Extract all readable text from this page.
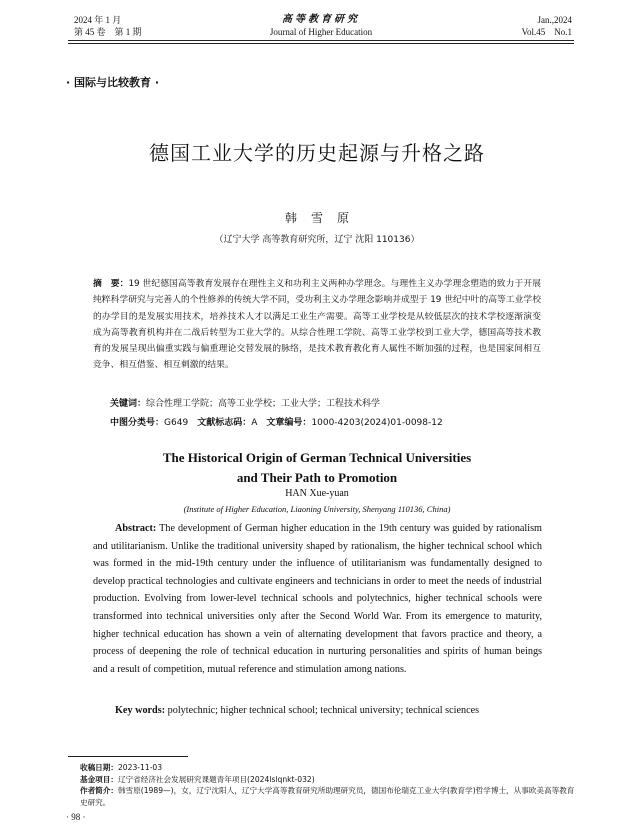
2024 年 1 月
第 45 卷　第 1 期
高等教育研究
Journal of Higher Education
Jan.,2024
Vol.45　No.1
· 国际与比较教育 ·
德国工业大学的历史起源与升格之路
韩雪原
（辽宁大学 高等教育研究所，辽宁 沈阳 110136）
摘　要：19 世纪德国高等教育发展存在理性主义和功利主义两种办学理念。与理性主义办学理念塑造的致力于开展纯粹科学研究与完善人的个性修养的传统大学不同，受功利主义办学理念影响并成型于 19 世纪中叶的高等工业学校的办学目的是发展实用技术，培养技术人才以满足工业生产需要。高等工业学校是从较低层次的技术学校逐渐演变成为高等教育机构并在二战后转型为工业大学的。从综合性理工学院、高等工业学校到工业大学，德国高等技术教育的发展呈现出偏重实践与偏重理论交替发展的脉络，是技术教育教化育人属性不断加强的过程，也是国家间相互竞争、相互借鉴、相互刺激的结果。
关键词：综合性理工学院；高等工业学校；工业大学；工程技术科学
中图分类号：G649　 文献标志码：A　 文章编号：1000-4203(2024)01-0098-12
The Historical Origin of German Technical Universities
and Their Path to Promotion
HAN Xue-yuan
(Institute of Higher Education, Liaoning University, Shenyang 110136, China)
Abstract: The development of German higher education in the 19th century was guided by rationalism and utilitarianism. Unlike the traditional university shaped by rationalism, the higher technical school which was formed in the mid-19th century under the influence of utilitarianism was fundamentally designed to develop practical technologies and cultivate engineers and technicians in order to meet the needs of industrial production. Evolving from lower-level technical schools and polytechnics, higher technical schools were transformed into technical universities only after the Second World War. From its emergence to maturity, higher technical education has shown a vein of alternating development that favors practice and theory, a process of deepening the role of technical education in nurturing personalities and spirits of human beings and a result of competition, mutual reference and stimulation among nations.
Key words: polytechnic; higher technical school; technical university; technical sciences
收稿日期：2023-11-03
基金项目：辽宁省经济社会发展研究课题青年项目(2024lslqnkt-032)
作者简介：韩雪原(1989—)，女，辽宁沈阳人，辽宁大学高等教育研究所助理研究员，德国布伦瑞克工业大学(教育学)哲学博士，从事欧美高等教育史研究。
· 98 ·
